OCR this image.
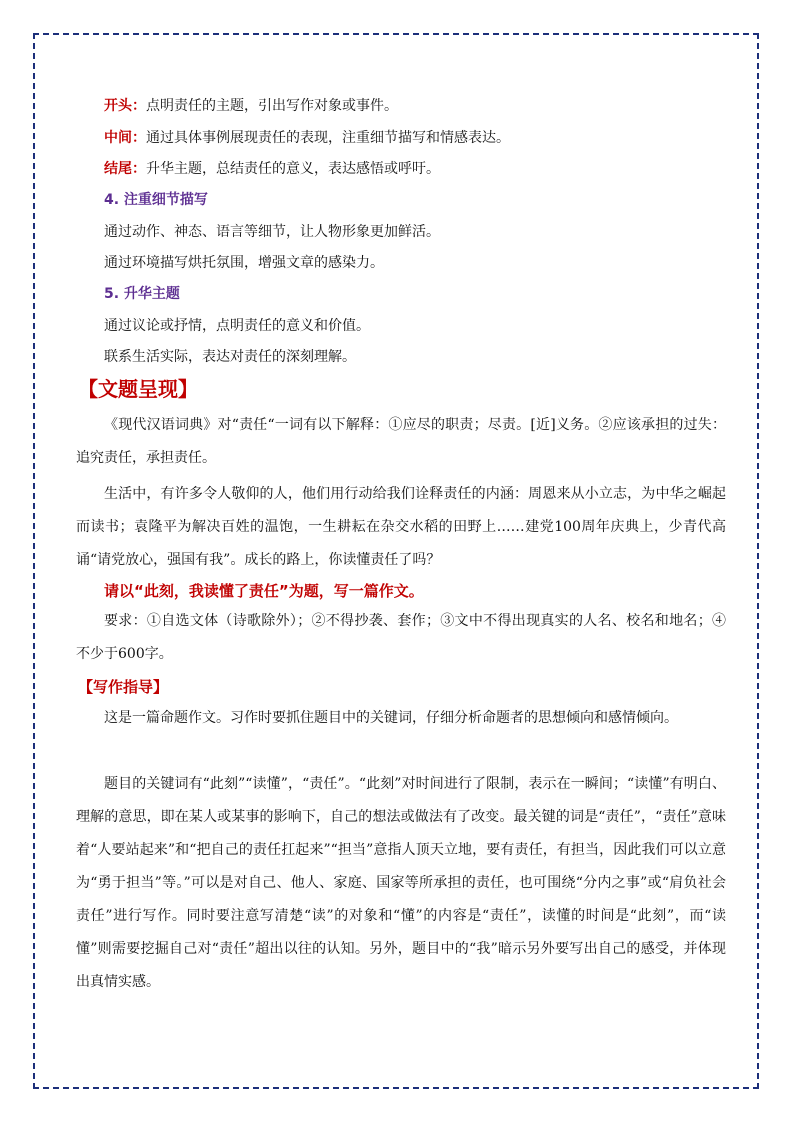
开头：点明责任的主题，引出写作对象或事件。

中间：通过具体事例展现责任的表现，注重细节描写和情感表达。

结尾：升华主题，总结责任的意义，表达感悟或呼吁。

4. 注重细节描写

通过动作、神态、语言等细节，让人物形象更加鲜活。

通过环境描写烘托氛围，增强文章的感染力。

5. 升华主题

通过议论或抒情，点明责任的意义和价值。

联系生活实际，表达对责任的深刻理解。

【文题呈现】

《现代汉语词典》对“责任“一词有以下解释：①应尽的职责；尽责。[近]义务。②应该承担的过失：追究责任，承担责任。

生活中，有许多令人敬仰的人，他们用行动给我们诠释责任的内涵：周恩来从小立志，为中华之崛起而读书；袁隆平为解决百姓的温饱，一生耕耘在杂交水稻的田野上……建党100周年庆典上，少青代高诵“请党放心，强国有我”。成长的路上，你读懂责任了吗？

请以“此刻，我读懂了责任”为题，写一篇作文。

要求：①自选文体（诗歌除外）；②不得抄袭、套作；③文中不得出现真实的人名、校名和地名；④不少于600字。

【写作指导】

这是一篇命题作文。习作时要抓住题目中的关键词，仔细分析命题者的思想倾向和感情倾向。

题目的关键词有“此刻”“读懂”，“责任”。“此刻”对时间进行了限制，表示在一瞬间；“读懂”有明白、理解的意思，即在某人或某事的影响下，自己的想法或做法有了改变。最关键的词是“责任”，“责任”意味着“人要站起来”和“把自己的责任扛起来”“担当”意指人顶天立地，要有责任，有担当，因此我们可以立意为“勇于担当”等。”可以是对自己、他人、家庭、国家等所承担的责任，也可围绕“分内之事”或“肩负社会责任”进行写作。同时要注意写清楚“读”的对象和“懂”的内容是“责任”，读懂的时间是“此刻”，而“读懂”则需要挖掘自己对“责任”超出以往的认知。另外，题目中的“我”暗示另外要写出自己的感受，并体现出真情实感。
